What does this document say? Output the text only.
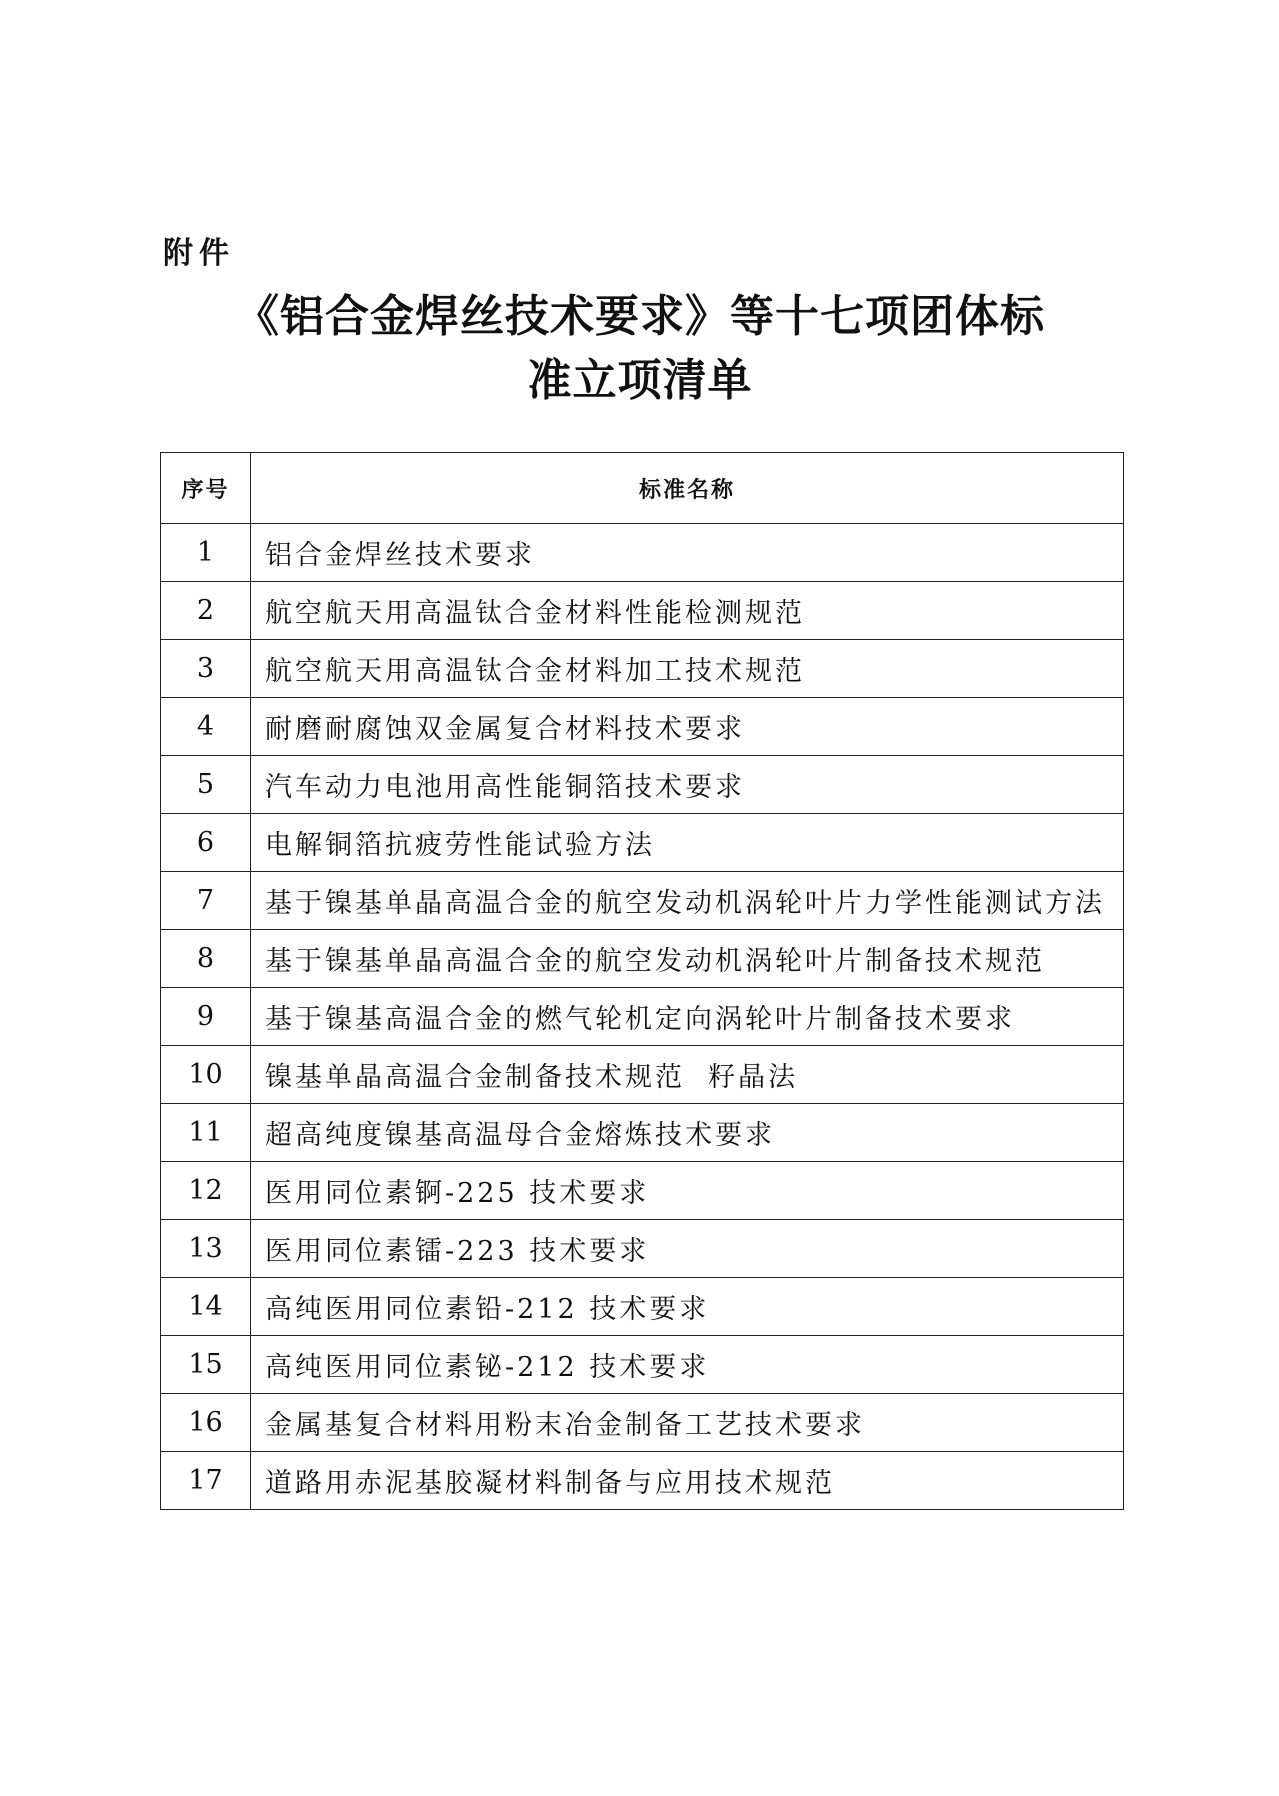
附件
《铝合金焊丝技术要求》等十七项团体标
准立项清单
序号	标准名称
1	铝合金焊丝技术要求
2	航空航天用高温钛合金材料性能检测规范
3	航空航天用高温钛合金材料加工技术规范
4	耐磨耐腐蚀双金属复合材料技术要求
5	汽车动力电池用高性能铜箔技术要求
6	电解铜箔抗疲劳性能试验方法
7	基于镍基单晶高温合金的航空发动机涡轮叶片力学性能测试方法
8	基于镍基单晶高温合金的航空发动机涡轮叶片制备技术规范
9	基于镍基高温合金的燃气轮机定向涡轮叶片制备技术要求
10	镍基单晶高温合金制备技术规范  籽晶法
11	超高纯度镍基高温母合金熔炼技术要求
12	医用同位素锕-225 技术要求
13	医用同位素镭-223 技术要求
14	高纯医用同位素铅-212 技术要求
15	高纯医用同位素铋-212 技术要求
16	金属基复合材料用粉末冶金制备工艺技术要求
17	道路用赤泥基胶凝材料制备与应用技术规范
